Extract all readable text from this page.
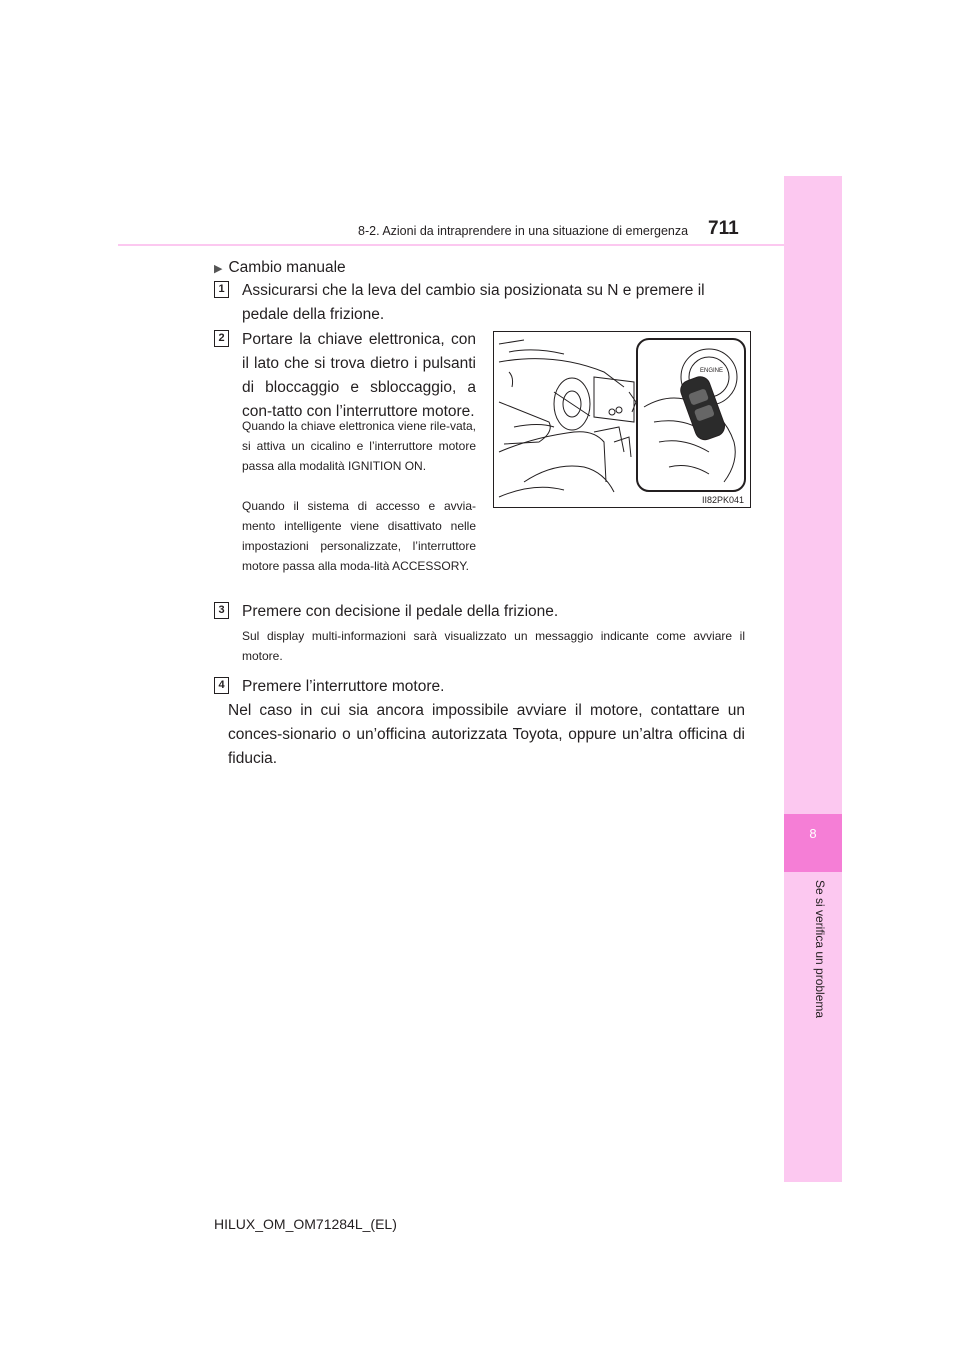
8
Se si verifica un problema
8-2. Azioni da intraprendere in una situazione di emergenza 711
▶ Cambio manuale
1 Assicurarsi che la leva del cambio sia posizionata su N e premere il pedale della frizione.
2 Portare la chiave elettronica, con il lato che si trova dietro i pulsanti di bloccaggio e sbloccaggio, a con-tatto con l’interruttore motore.
Quando la chiave elettronica viene rile-vata, si attiva un cicalino e l’interruttore motore passa alla modalità IGNITION ON.
Quando il sistema di accesso e avvia-mento intelligente viene disattivato nelle impostazioni personalizzate, l’interruttore motore passa alla moda-lità ACCESSORY.
ENGINE
II82PK041
3 Premere con decisione il pedale della frizione.
Sul display multi-informazioni sarà visualizzato un messaggio indicante come avviare il motore.
4 Premere l’interruttore motore.
Nel caso in cui sia ancora impossibile avviare il motore, contattare un conces-sionario o un’officina autorizzata Toyota, oppure un’altra officina di fiducia.
HILUX_OM_OM71284L_(EL)
